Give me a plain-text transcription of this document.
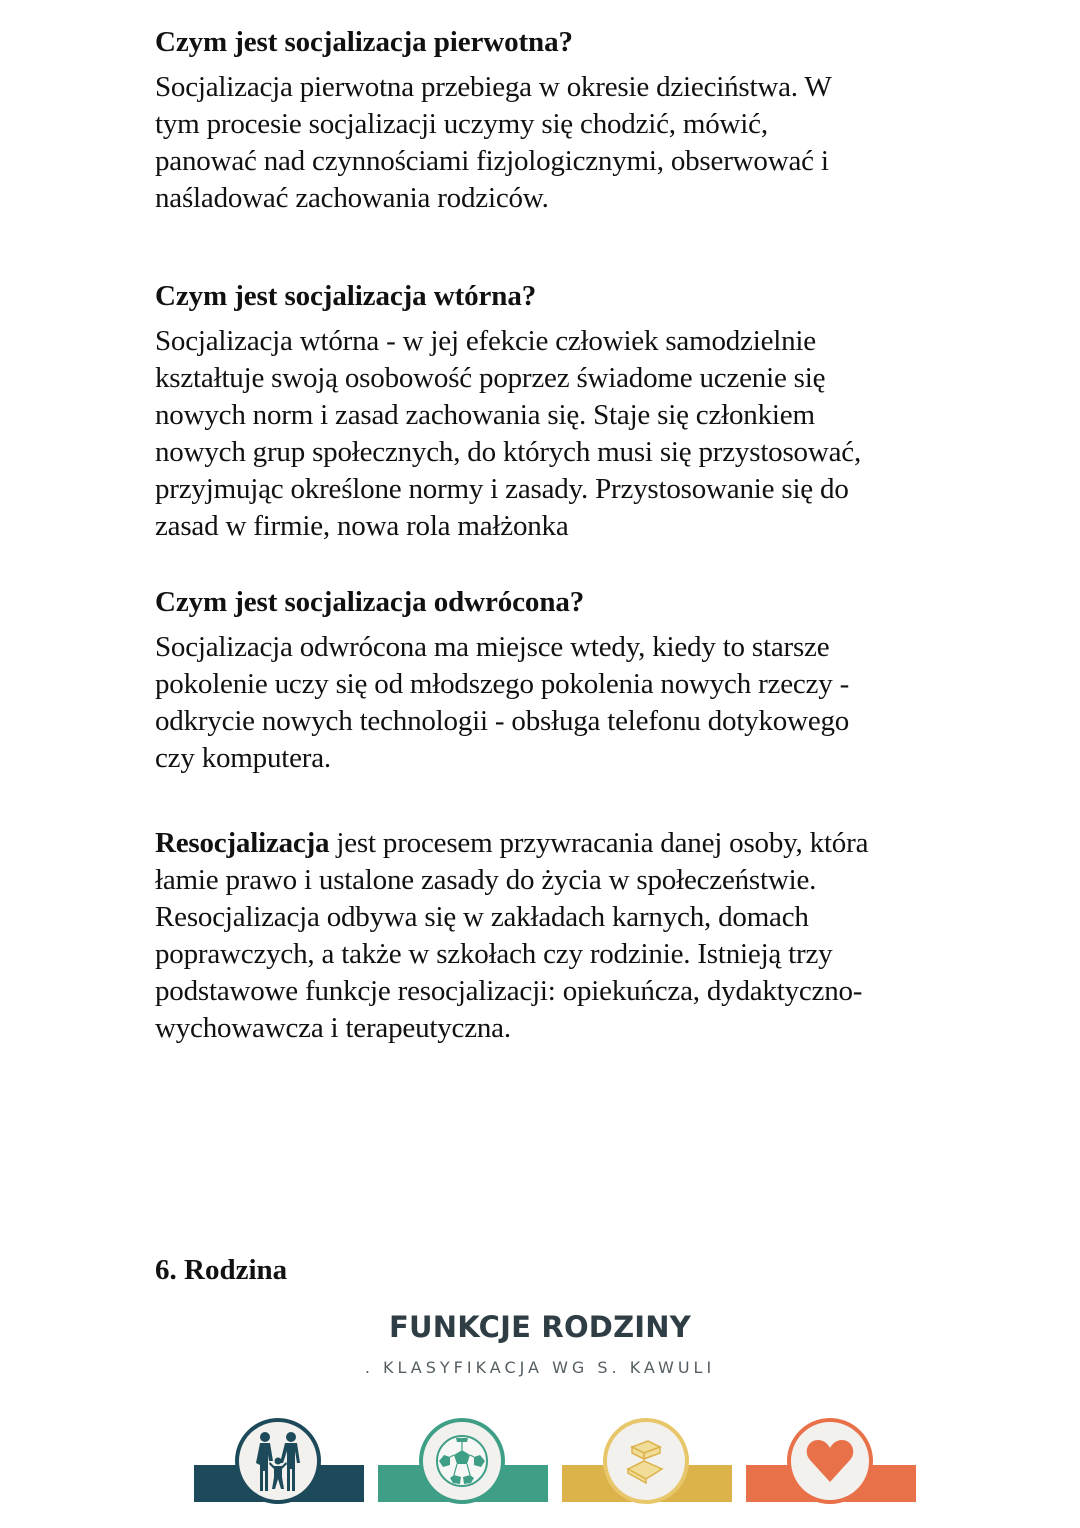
Czym jest socjalizacja pierwotna?

Socjalizacja pierwotna przebiega w okresie dzieciństwa. W
tym procesie socjalizacji uczymy się chodzić, mówić,
panować nad czynnościami fizjologicznymi, obserwować i
naśladować zachowania rodziców.

Czym jest socjalizacja wtórna?

Socjalizacja wtórna - w jej efekcie człowiek samodzielnie
kształtuje swoją osobowość poprzez świadome uczenie się
nowych norm i zasad zachowania się. Staje się członkiem
nowych grup społecznych, do których musi się przystosować,
przyjmując określone normy i zasady. Przystosowanie się do
zasad w firmie, nowa rola małżonka

Czym jest socjalizacja odwrócona?

Socjalizacja odwrócona ma miejsce wtedy, kiedy to starsze
pokolenie uczy się od młodszego pokolenia nowych rzeczy -
odkrycie nowych technologii - obsługa telefonu dotykowego
czy komputera.

Resocjalizacja jest procesem przywracania danej osoby, która
łamie prawo i ustalone zasady do życia w społeczeństwie.
Resocjalizacja odbywa się w zakładach karnych, domach
poprawczych, a także w szkołach czy rodzinie. Istnieją trzy
podstawowe funkcje resocjalizacji: opiekuńcza, dydaktyczno-
wychowawcza i terapeutyczna.

6. Rodzina
FUNKCJE RODZINY
. KLASYFIKACJA WG S. KAWULI
